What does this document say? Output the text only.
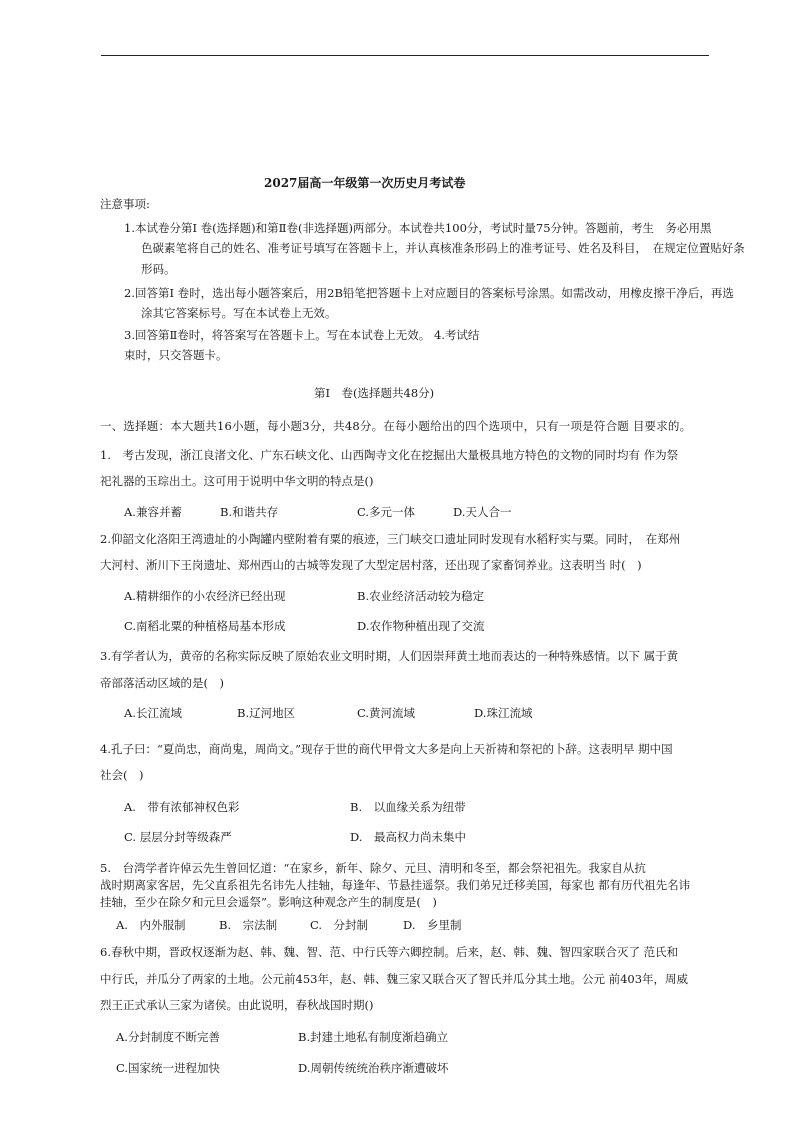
2027届高一年级第一次历史月考试卷
注意事项:
1.本试卷分第I 卷(选择题)和第Ⅱ卷(非选择题)两部分。本试卷共100分，考试时量75分钟。答题前，考生　务必用黑
色碳素笔将自己的姓名、准考证号填写在答题卡上，并认真核准条形码上的准考证号、姓名及科目，　在规定位置贴好条
形码。
2.回答第I 卷时，选出每小题答案后，用2B铅笔把答题卡上对应题目的答案标号涂黑。如需改动，用橡皮擦干净后，再选
涂其它答案标号。写在本试卷上无效。
3.回答第Ⅱ卷时，将答案写在答题卡上。写在本试卷上无效。 4.考试结
束时，只交答题卡。
第I　卷(选择题共48分)
一、选择题：本大题共16小题，每小题3分，共48分。在每小题给出的四个选项中，只有一项是符合题 目要求的。
1.　考古发现，浙江良渚文化、广东石峡文化、山西陶寺文化在挖掘出大量极具地方特色的文物的同时均有 作为祭
祀礼器的玉琮出土。这可用于说明中华文明的特点是()
A.兼容并蓄	B.和谐共存	C.多元一体	D.天人合一
2.仰韶文化洛阳王湾遗址的小陶罐内壁附着有粟的痕迹，三门峡交口遗址同时发现有水稻籽实与粟。同时，　在郑州
大河村、淅川下王岗遗址、郑州西山的古城等发现了大型定居村落，还出现了家畜饲养业。这表明当 时(　)
A.精耕细作的小农经济已经出现	B.农业经济活动较为稳定
C.南稻北粟的种植格局基本形成	D.农作物种植出现了交流
3.有学者认为，黄帝的名称实际反映了原始农业文明时期，人们因崇拜黄土地而表达的一种特殊感情。以下 属于黄
帝部落活动区域的是(　)
A.长江流域	B.辽河地区	C.黄河流域	D.珠江流域
4.孔子曰：“夏尚忠，商尚鬼，周尚文。”现存于世的商代甲骨文大多是向上天祈祷和祭祀的卜辞。这表明早 期中国
社会(　)
A.　带有浓郁神权色彩	B.　以血缘关系为纽带
C. 层层分封等级森严	D.　最高权力尚未集中
5.　台湾学者许倬云先生曾回忆道：“在家乡，新年、除夕、元旦、清明和冬至，都会祭祀祖先。我家自从抗
战时期离家客居，先父直系祖先名讳先人挂轴，每逢年、节悬挂遥祭。我们弟兄迁移美国，每家也 都有历代祖先名讳
挂轴，至少在除夕和元旦会遥祭”。影响这种观念产生的制度是(　)
A.　内外服制	B.　宗法制	C.　分封制	D.　乡里制
6.春秋中期，晋政权逐渐为赵、韩、魏、智、范、中行氏等六卿控制。后来，赵、韩、魏、智四家联合灭了 范氏和
中行氏，并瓜分了两家的土地。公元前453年，赵、韩、魏三家又联合灭了智氏并瓜分其土地。公元 前403年，周威
烈王正式承认三家为诸侯。由此说明，春秋战国时期()
A.分封制度不断完善	B.封建土地私有制度渐趋确立
C.国家统一进程加快	D.周朝传统统治秩序渐遭破坏
